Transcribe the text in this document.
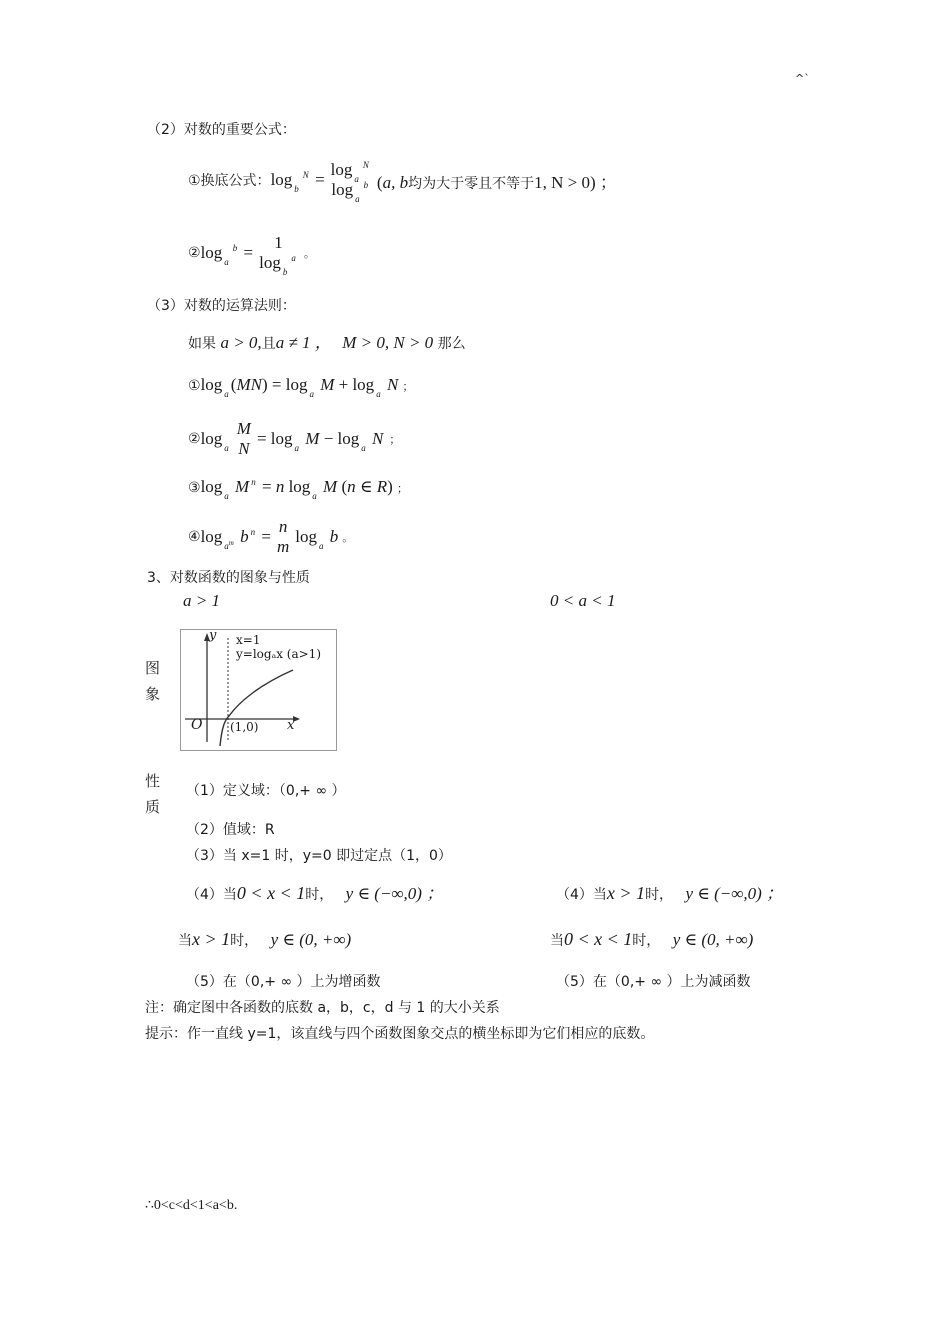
^`
（2）对数的重要公式：
①换底公式： log $_b^N$ =
log $_a^N$
log $_a^b$ (a, b均为大于零且不等于1, N > 0) ；
② log $_a^b$ =
1
log $_b^a$ 。
（3）对数的运算法则：
如果 a > 0,且a ≠ 1 ， M > 0, N > 0 那么
①log $_a$ (MN) = log $_a$ M + log $_a$ N ；
② log $_a$
M
N
= log $_a$ M − log $_a$ N ；
③log $_a$ M $^n$ = n log $_a$ M (n ∈ R) ；
④ log $_{a^m}$ b $^n$ =
n
m
log $_a$ b 。
3、对数函数的图象与性质
a > 1	0 < a < 1
图象
y
x
O
x=1
y=logₐx (a>1)
(1,0)
性质
（1）定义域：（0,+ ∞ ）
（2）值域：R
（3）当 x=1 时，y=0 即过定点（1，0）
（4）当0 < x < 1时， y ∈ (−∞,0) ；	（4）当x > 1时， y ∈ (−∞,0) ；
当x > 1时， y ∈ (0, +∞)	当0 < x < 1时， y ∈ (0, +∞)
（5）在（0,+ ∞ ）上为增函数	（5）在（0,+ ∞ ）上为减函数
注：确定图中各函数的底数 a，b，c，d 与 1 的大小关系
提示：作一直线 y=1，该直线与四个函数图象交点的横坐标即为它们相应的底数。
∴0<c<d<1<a<b.
